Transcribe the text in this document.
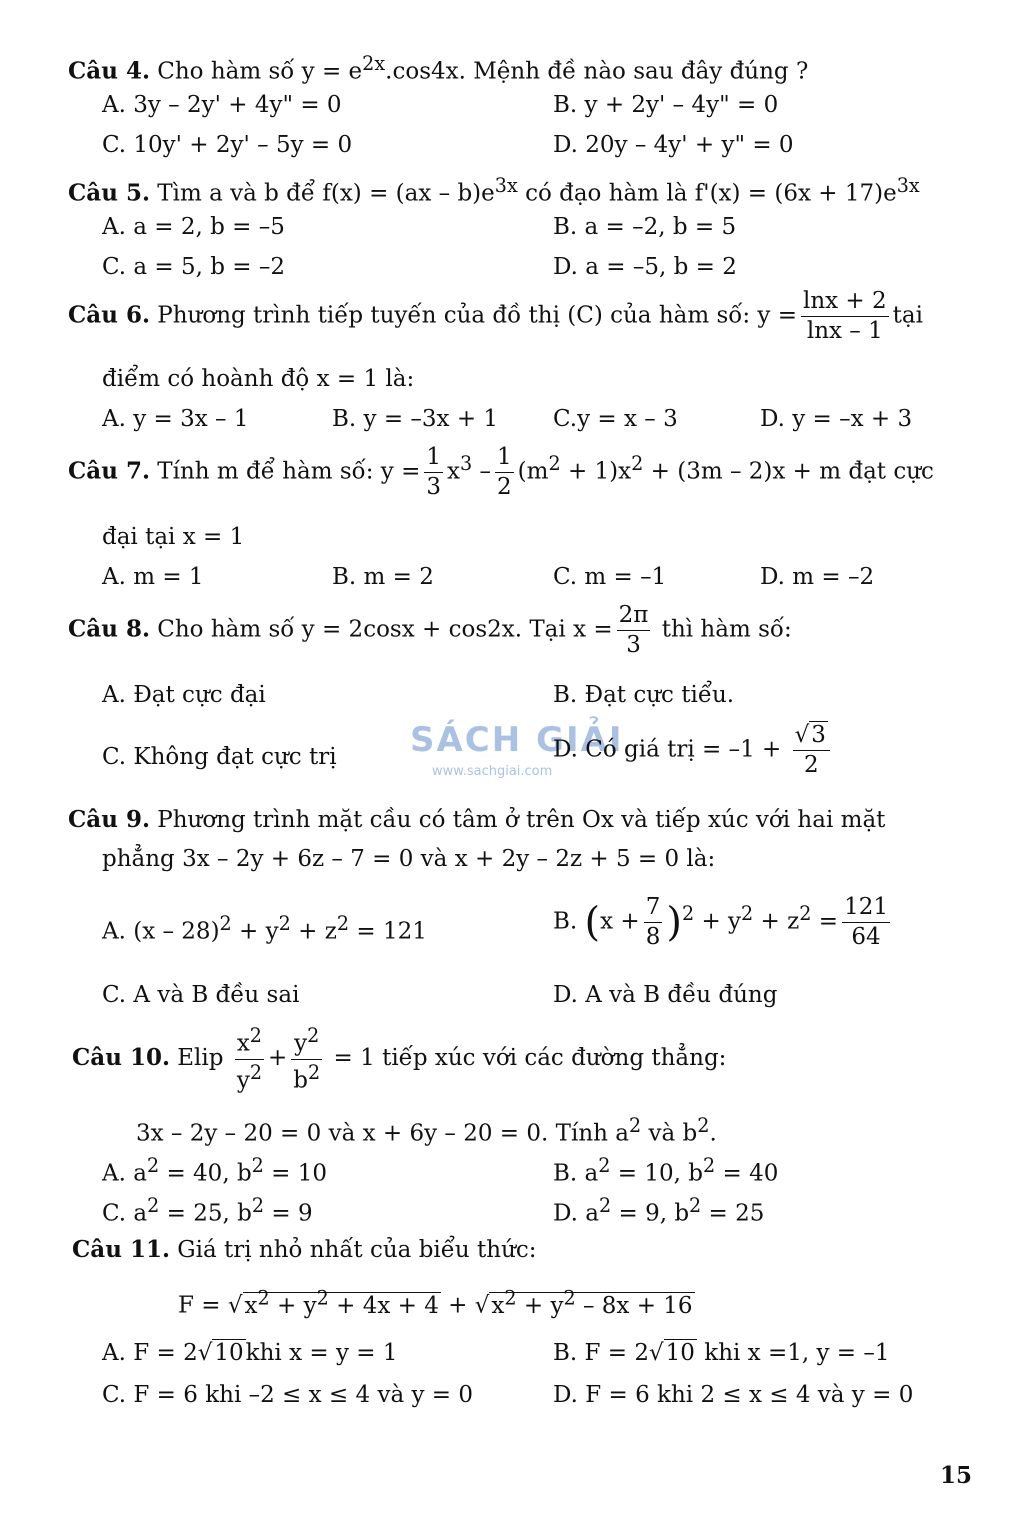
SÁCH GIẢI
www.sachgiai.com
Câu 4. Cho hàm số $y = e^{2x}.\cos 4x$. Mệnh đề nào sau đây đúng ?
A. 3y – 2y' + 4y" = 0	B. y + 2y' – 4y" = 0
C. 10y' + 2y' – 5y = 0	D. 20y – 4y' + y" = 0
Câu 5. Tìm a và b để $f(x) = (ax - b)e^{3x}$ có đạo hàm là $f'(x) = (6x + 17)e^{3x}$
A. a = 2, b = –5	B. a = –2, b = 5
C. a = 5, b = –2	D. a = –5, b = 2
Câu 6. Phương trình tiếp tuyến của đồ thị (C) của hàm số: $y = \frac{\ln x + 2}{\ln x - 1}$ tại
điểm có hoành độ x = 1 là:
A. y = 3x – 1	B. y = –3x + 1 C.y = x – 3	D. y = –x + 3
Câu 7. Tính m để hàm số: $y = \frac{1}{3} x^3 - \frac{1}{2} (m^2 + 1)x^2 + (3m - 2)x + m$ đạt cực
đại tại x = 1
A. m = 1	B. m = 2	C. m = –1	D. m = –2
Câu 8. Cho hàm số y = 2cosx + cos2x. Tại $x = \frac{2\pi}{3}$ thì hàm số:
A. Đạt cực đại	B. Đạt cực tiểu.
C. Không đạt cực trị	D. Có giá trị = $-1 + \frac{√3}{2}$
Câu 9. Phương trình mặt cầu có tâm ở trên Ox và tiếp xúc với hai mặt
phẳng 3x – 2y + 6z – 7 = 0 và x + 2y – 2z + 5 = 0 là:
A. $(x - 28)^2 + y^2 + z^2 = 121$	B. $(x + \frac{7}{8} )^2 + y^2 + z^2 = \frac{121}{64}$
C. A và B đều sai	D. A và B đều đúng
Câu 10. Elip $\frac{x^2}{y^2} + \frac{y^2}{b^2} = 1$ tiếp xúc với các đường thẳng:
3x – 2y – 20 = 0 và x + 6y – 20 = 0. Tính $a^2$ và $b^2$.
A. $a^2 = 40$, $b^2 = 10$	B. $a^2 = 10$, $b^2 = 40$
C. $a^2 = 25$, $b^2 = 9$	D. $a^2 = 9$, $b^2 = 25$
Câu 11. Giá trị nhỏ nhất của biểu thức:
$F = √x^2 + y^2 + 4x + 4 + √x^2 + y^2 - 8x + 16$
A. F = 2√10khi x = y = 1	B. F = 2√10 khi x =1, y = –1
C. F = 6 khi –2 ≤ x ≤ 4 và y = 0	D. F = 6 khi 2 ≤ x ≤ 4 và y = 0
15
